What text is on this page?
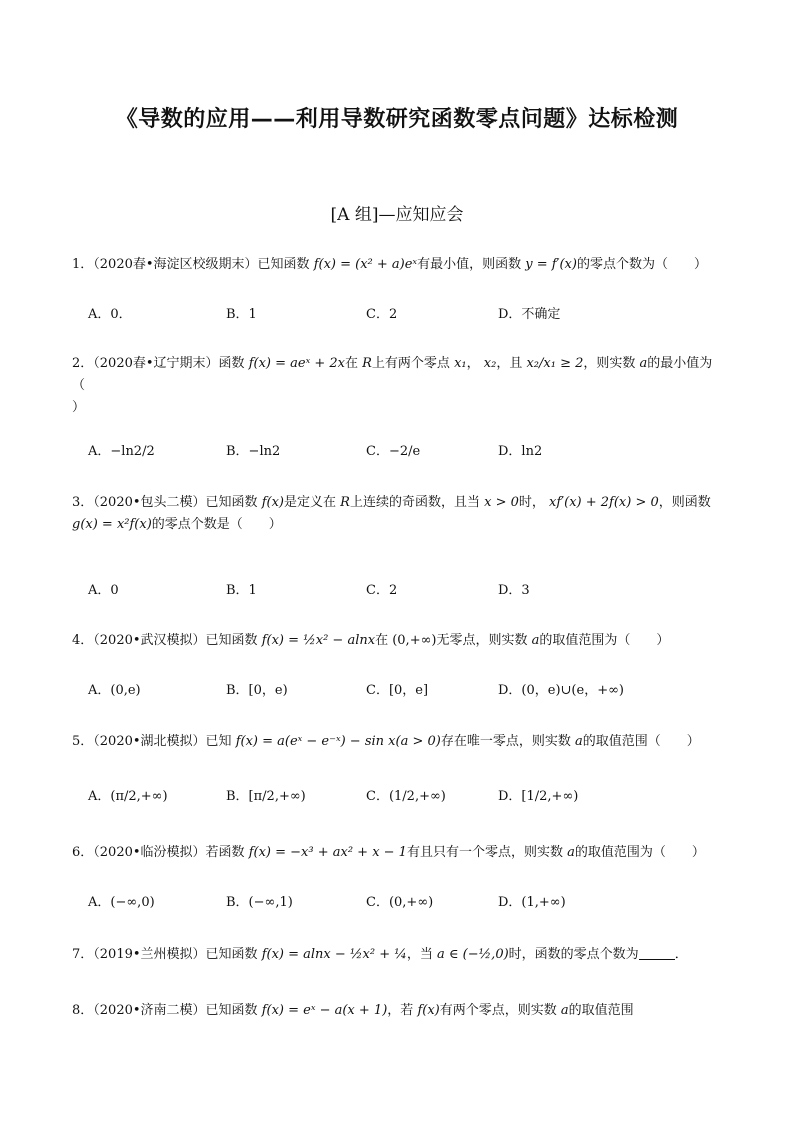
《导数的应用——利用导数研究函数零点问题》达标检测
[A 组]—应知应会
1．（2020春•海淀区校级期末）已知函数 f(x) = (x² + a)eˣ有最小值，则函数 y = f′(x)的零点个数为（　　）
A．0．	B．1	C．2	D．不确定
2．（2020春•辽宁期末）函数 f(x) = aeˣ + 2x在 R上有两个零点 x₁， x₂，且 x₂/x₁ ≥ 2，则实数 a的最小值为（
）
A．−ln2/2	B．−ln2	C．−2/e	D．ln2
3．（2020•包头二模）已知函数 f(x)是定义在 R上连续的奇函数，且当 x > 0时， xf′(x) + 2f(x) > 0，则函数
g(x) = x²f(x)的零点个数是（　　）
A．0	B．1	C．2	D．3
4．（2020•武汉模拟）已知函数 f(x) = ½x² − alnx在 (0,+∞)无零点，则实数 a的取值范围为（　　）
A．(0,e)	B．[0，e)	C．[0，e]	D．(0，e)∪(e，+∞)
5．（2020•湖北模拟）已知 f(x) = a(eˣ − e⁻ˣ) − sin x(a > 0)存在唯一零点，则实数 a的取值范围（　　）
A．(π/2,+∞)	B．[π/2,+∞)	C．(1/2,+∞)	D．[1/2,+∞)
6．（2020•临汾模拟）若函数 f(x) = −x³ + ax² + x − 1有且只有一个零点，则实数 a的取值范围为（　　）
A．(−∞,0)	B．(−∞,1)	C．(0,+∞)	D．(1,+∞)
7．（2019•兰州模拟）已知函数 f(x) = alnx − ½x² + ¼，当 a ∈ (−½,0)时，函数的零点个数为	．
8．（2020•济南二模）已知函数 f(x) = eˣ − a(x + 1)，若 f(x)有两个零点，则实数 a的取值范围
